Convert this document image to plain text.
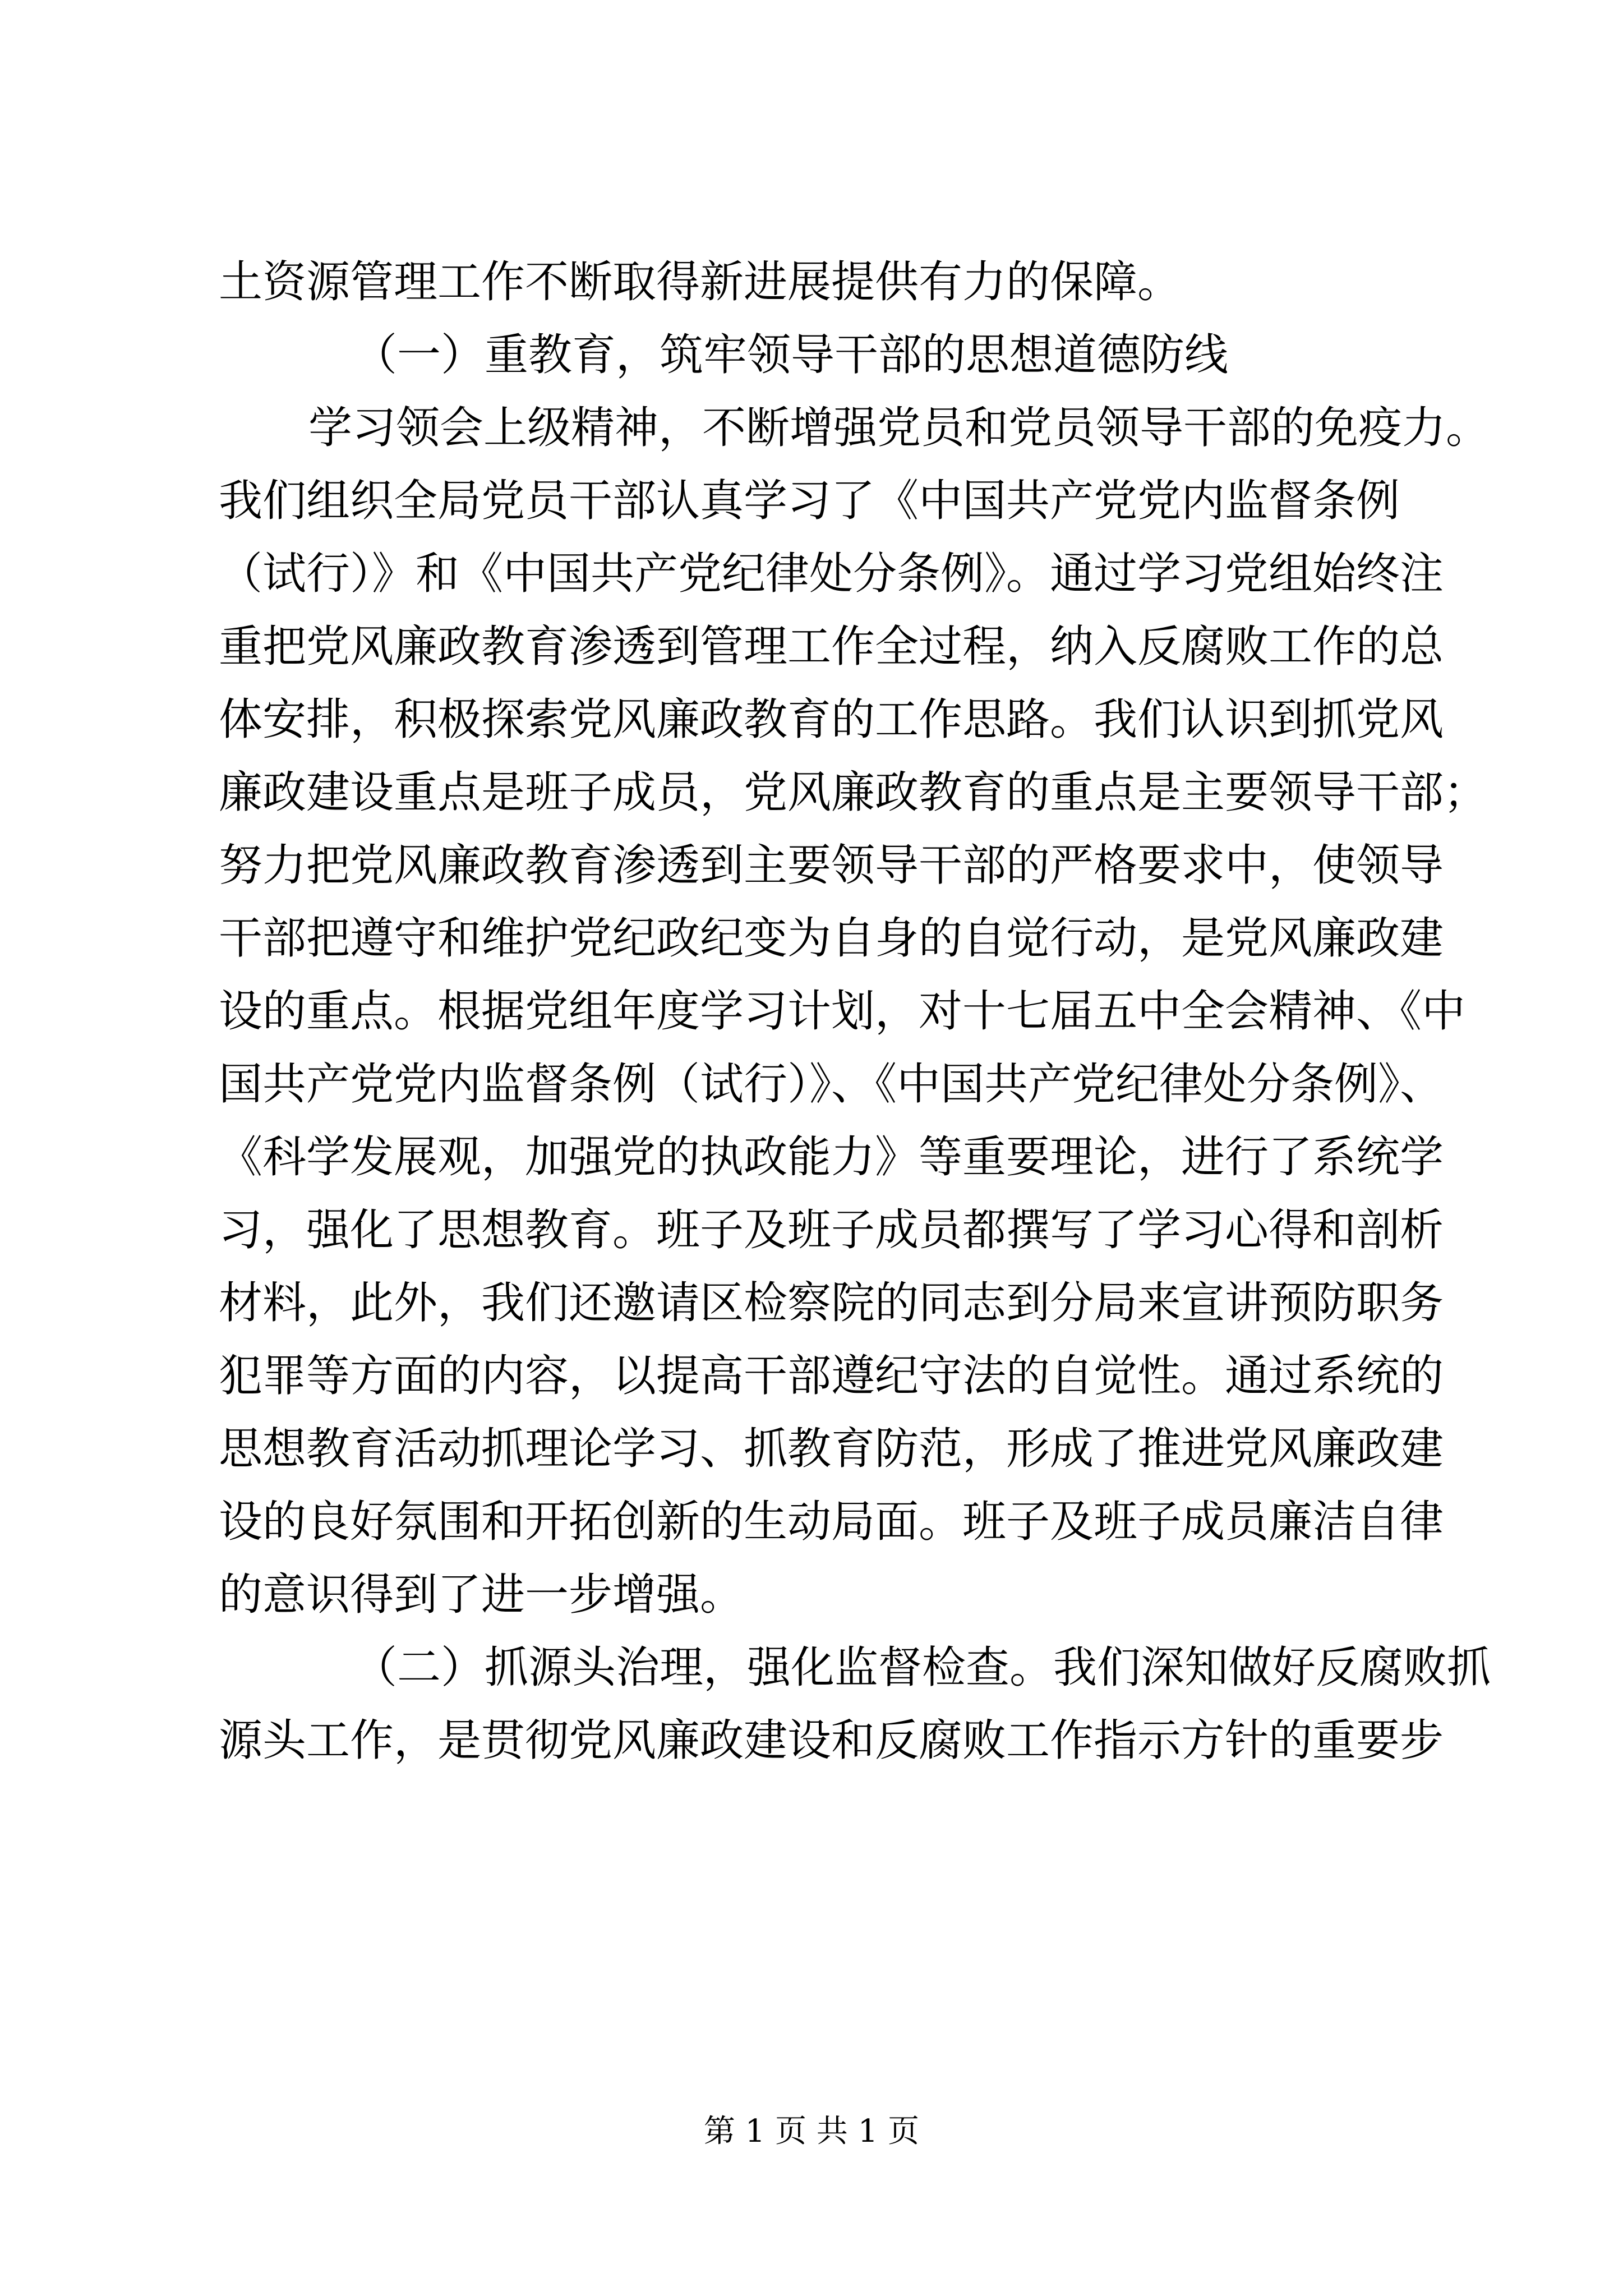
土资源管理工作不断取得新进展提供有力的保障。
（一）重教育，筑牢领导干部的思想道德防线
学习领会上级精神，不断增强党员和党员领导干部的免疫力。
我们组织全局党员干部认真学习了《中国共产党党内监督条例
（试行）》和《中国共产党纪律处分条例》。通过学习党组始终注
重把党风廉政教育渗透到管理工作全过程，纳入反腐败工作的总
体安排，积极探索党风廉政教育的工作思路。我们认识到抓党风
廉政建设重点是班子成员，党风廉政教育的重点是主要领导干部；
努力把党风廉政教育渗透到主要领导干部的严格要求中，使领导
干部把遵守和维护党纪政纪变为自身的自觉行动，是党风廉政建
设的重点。根据党组年度学习计划，对十七届五中全会精神、《中
国共产党党内监督条例（试行）》、《中国共产党纪律处分条例》、
《科学发展观，加强党的执政能力》等重要理论，进行了系统学
习，强化了思想教育。班子及班子成员都撰写了学习心得和剖析
材料，此外，我们还邀请区检察院的同志到分局来宣讲预防职务
犯罪等方面的内容，以提高干部遵纪守法的自觉性。通过系统的
思想教育活动抓理论学习、抓教育防范，形成了推进党风廉政建
设的良好氛围和开拓创新的生动局面。班子及班子成员廉洁自律
的意识得到了进一步增强。
（二）抓源头治理，强化监督检查。我们深知做好反腐败抓
源头工作，是贯彻党风廉政建设和反腐败工作指示方针的重要步
第 1 页 共 1 页
